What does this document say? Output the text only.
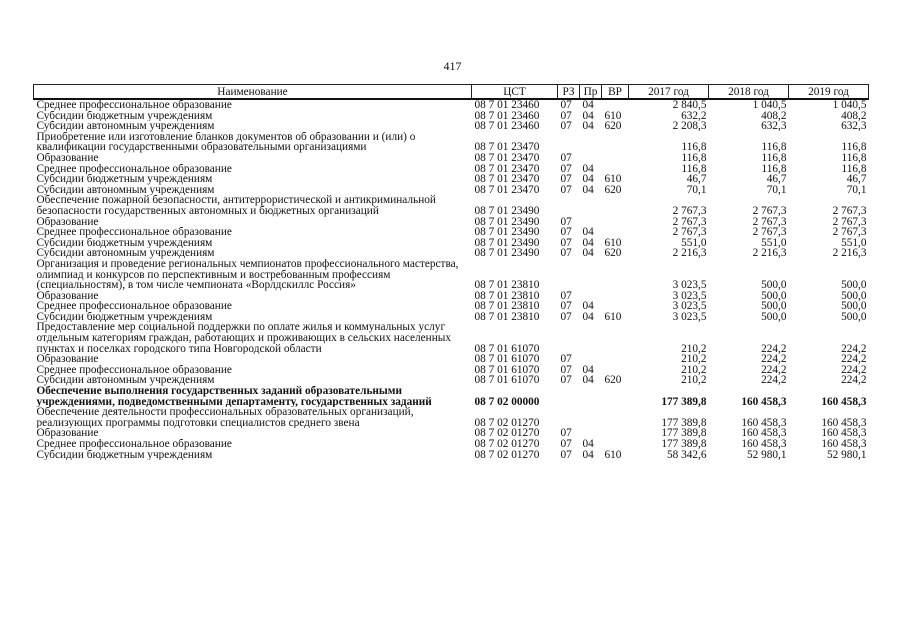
417
Наименование	ЦСТ	РЗ	Пр	ВР	2017 год	2018 год	2019 год
Среднее профессиональное образование	08 7 01 23460	07	04		2 840,5	1 040,5	1 040,5
Субсидии бюджетным учреждениям	08 7 01 23460	07	04	610	632,2	408,2	408,2
Субсидии автономным учреждениям	08 7 01 23460	07	04	620	2 208,3	632,3	632,3
Приобретение или изготовление бланков документов об образовании и (или) о квалификации государственными образовательными организациями	08 7 01 23470				116,8	116,8	116,8
Образование	08 7 01 23470	07			116,8	116,8	116,8
Среднее профессиональное образование	08 7 01 23470	07	04		116,8	116,8	116,8
Субсидии бюджетным учреждениям	08 7 01 23470	07	04	610	46,7	46,7	46,7
Субсидии автономным учреждениям	08 7 01 23470	07	04	620	70,1	70,1	70,1
Обеспечение пожарной безопасности, антитеррористической и антикриминальной безопасности государственных автономных и бюджетных организаций	08 7 01 23490				2 767,3	2 767,3	2 767,3
Образование	08 7 01 23490	07			2 767,3	2 767,3	2 767,3
Среднее профессиональное образование	08 7 01 23490	07	04		2 767,3	2 767,3	2 767,3
Субсидии бюджетным учреждениям	08 7 01 23490	07	04	610	551,0	551,0	551,0
Субсидии автономным учреждениям	08 7 01 23490	07	04	620	2 216,3	2 216,3	2 216,3
Организация и проведение региональных чемпионатов профессионального мастерства, олимпиад и конкурсов по перспективным и востребованным профессиям (специальностям), в том числе чемпионата «Ворлдскиллс Россия»	08 7 01 23810				3 023,5	500,0	500,0
Образование	08 7 01 23810	07			3 023,5	500,0	500,0
Среднее профессиональное образование	08 7 01 23810	07	04		3 023,5	500,0	500,0
Субсидии бюджетным учреждениям	08 7 01 23810	07	04	610	3 023,5	500,0	500,0
Предоставление мер социальной поддержки по оплате жилья и коммунальных услуг отдельным категориям граждан, работающих и проживающих в сельских населенных пунктах и поселках городского типа Новгородской области	08 7 01 61070				210,2	224,2	224,2
Образование	08 7 01 61070	07			210,2	224,2	224,2
Среднее профессиональное образование	08 7 01 61070	07	04		210,2	224,2	224,2
Субсидии автономным учреждениям	08 7 01 61070	07	04	620	210,2	224,2	224,2
Обеспечение выполнения государственных заданий образовательными учреждениями, подведомственными департаменту, государственных заданий	08 7 02 00000				177 389,8	160 458,3	160 458,3
Обеспечение деятельности профессиональных образовательных организаций, реализующих программы подготовки специалистов среднего звена	08 7 02 01270				177 389,8	160 458,3	160 458,3
Образование	08 7 02 01270	07			177 389,8	160 458,3	160 458,3
Среднее профессиональное образование	08 7 02 01270	07	04		177 389,8	160 458,3	160 458,3
Субсидии бюджетным учреждениям	08 7 02 01270	07	04	610	58 342,6	52 980,1	52 980,1
